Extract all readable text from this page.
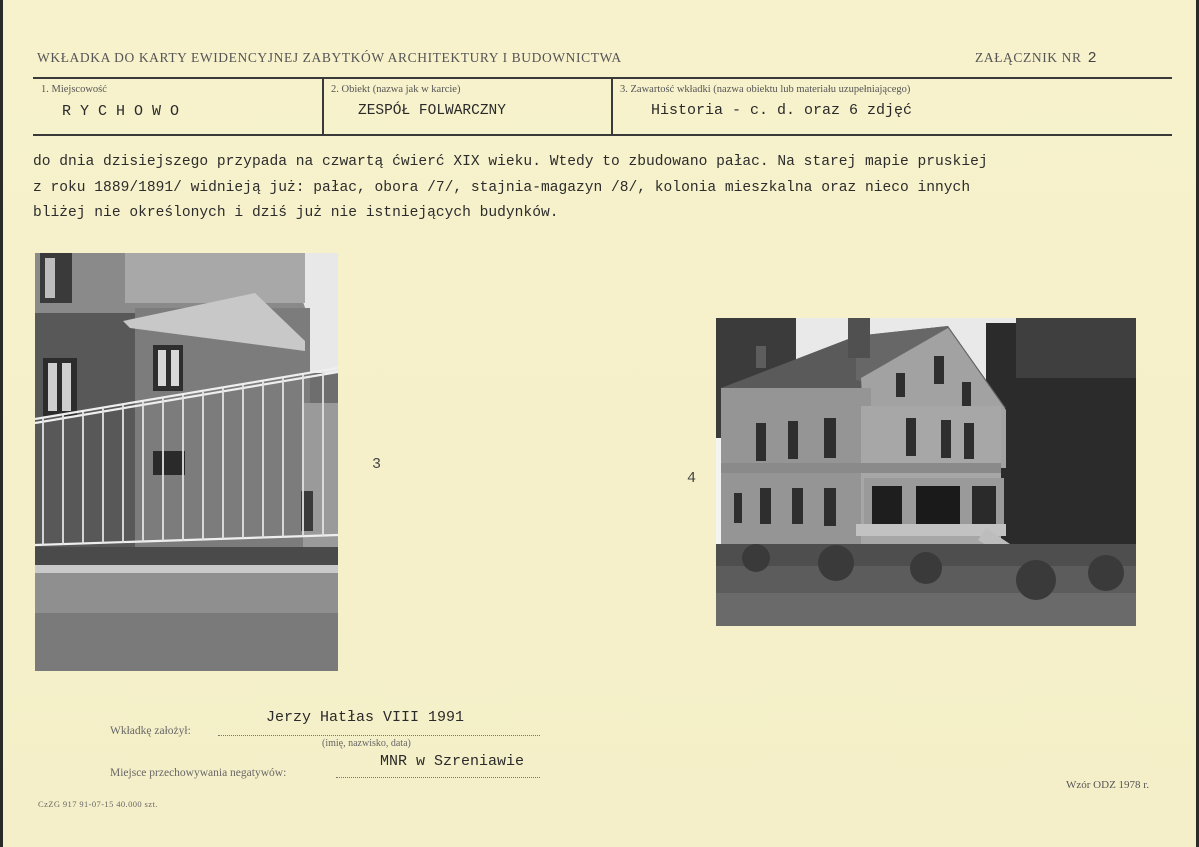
WKŁADKA DO KARTY EWIDENCYJNEJ ZABYTKÓW ARCHITEKTURY I BUDOWNICTWA	ZAŁĄCZNIK NR 2
1. Miejscowość
RYCHOWO
2. Obiekt (nazwa jak w karcie)
ZESPÓŁ FOLWARCZNY
3. Zawartość wkładki (nazwa obiektu lub materiału uzupełniającego)
Historia - c. d. oraz 6 zdjęć
do dnia dzisiejszego przypada na czwartą ćwierć XIX wieku. Wtedy to zbudowano pałac. Na starej mapie pruskiej
z roku 1889/1891/ widnieją już: pałac, obora /7/, stajnia-magazyn /8/, kolonia mieszkalna oraz nieco innych
bliżej nie określonych i dziś już nie istniejących budynków.
3
4
Jerzy Hatłas VIII 1991
Wkładkę założył:
(imię, nazwisko, data)
MNR w Szreniawie
Miejsce przechowywania negatywów:
Wzór ODZ 1978 r.
CzZG 917 91-07-15 40.000 szt.
